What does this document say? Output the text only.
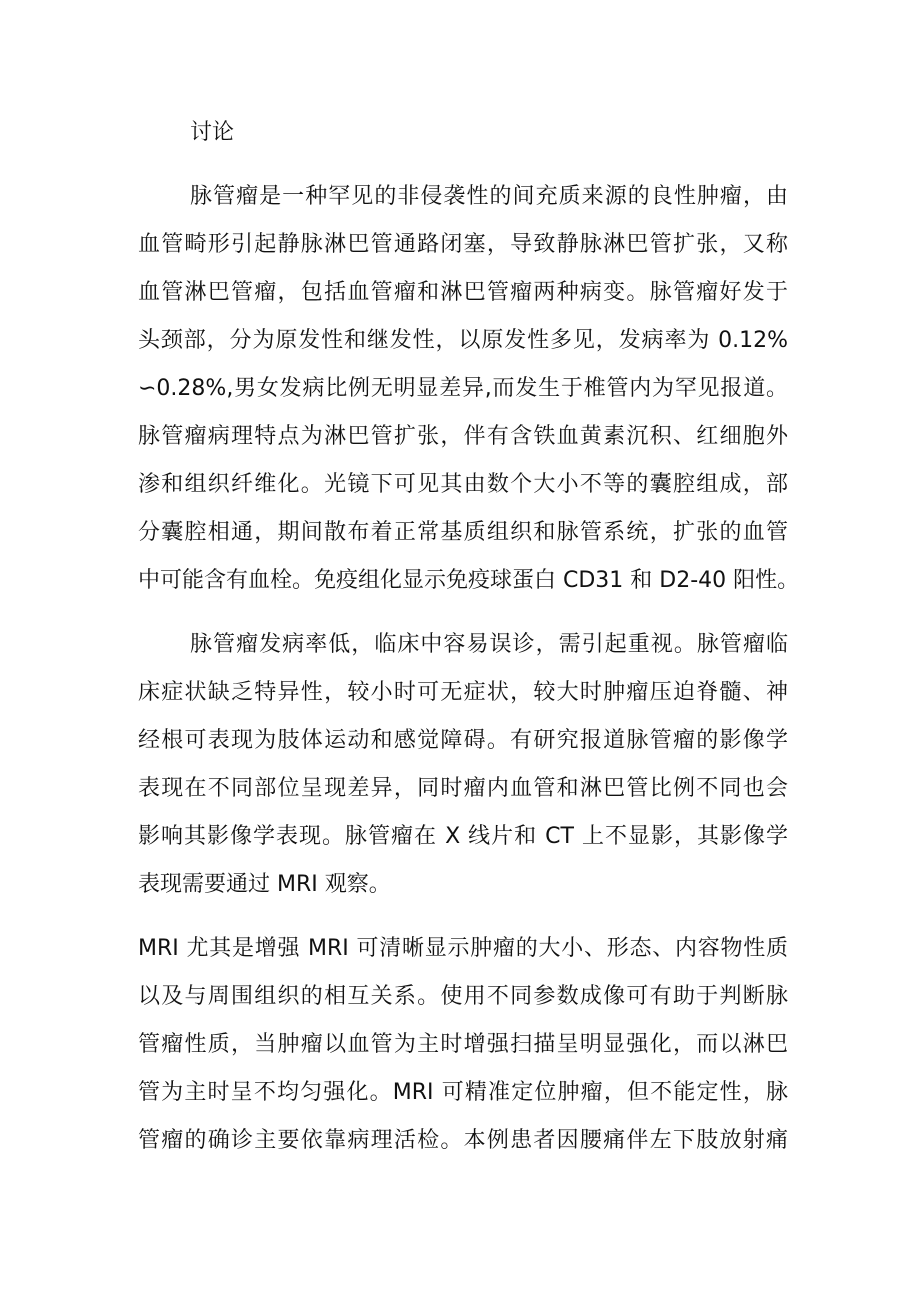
讨论
脉管瘤是一种罕见的非侵袭性的间充质来源的良性肿瘤，由
血管畸形引起静脉淋巴管通路闭塞，导致静脉淋巴管扩张，又称
血管淋巴管瘤，包括血管瘤和淋巴管瘤两种病变。脉管瘤好发于
头颈部，分为原发性和继发性，以原发性多见，发病率为 0.12%
∽0.28%,男女发病比例无明显差异,而发生于椎管内为罕见报道。
脉管瘤病理特点为淋巴管扩张，伴有含铁血黄素沉积、红细胞外
渗和组织纤维化。光镜下可见其由数个大小不等的囊腔组成，部
分囊腔相通，期间散布着正常基质组织和脉管系统，扩张的血管
中可能含有血栓。免疫组化显示免疫球蛋白 CD31 和 D2-40 阳性。
脉管瘤发病率低，临床中容易误诊，需引起重视。脉管瘤临
床症状缺乏特异性，较小时可无症状，较大时肿瘤压迫脊髓、神
经根可表现为肢体运动和感觉障碍。有研究报道脉管瘤的影像学
表现在不同部位呈现差异，同时瘤内血管和淋巴管比例不同也会
影响其影像学表现。脉管瘤在 X 线片和 CT 上不显影，其影像学
表现需要通过 MRI 观察。
MRI 尤其是增强 MRI 可清晰显示肿瘤的大小、形态、内容物性质
以及与周围组织的相互关系。使用不同参数成像可有助于判断脉
管瘤性质，当肿瘤以血管为主时增强扫描呈明显强化，而以淋巴
管为主时呈不均匀强化。MRI 可精准定位肿瘤，但不能定性，脉
管瘤的确诊主要依靠病理活检。本例患者因腰痛伴左下肢放射痛
